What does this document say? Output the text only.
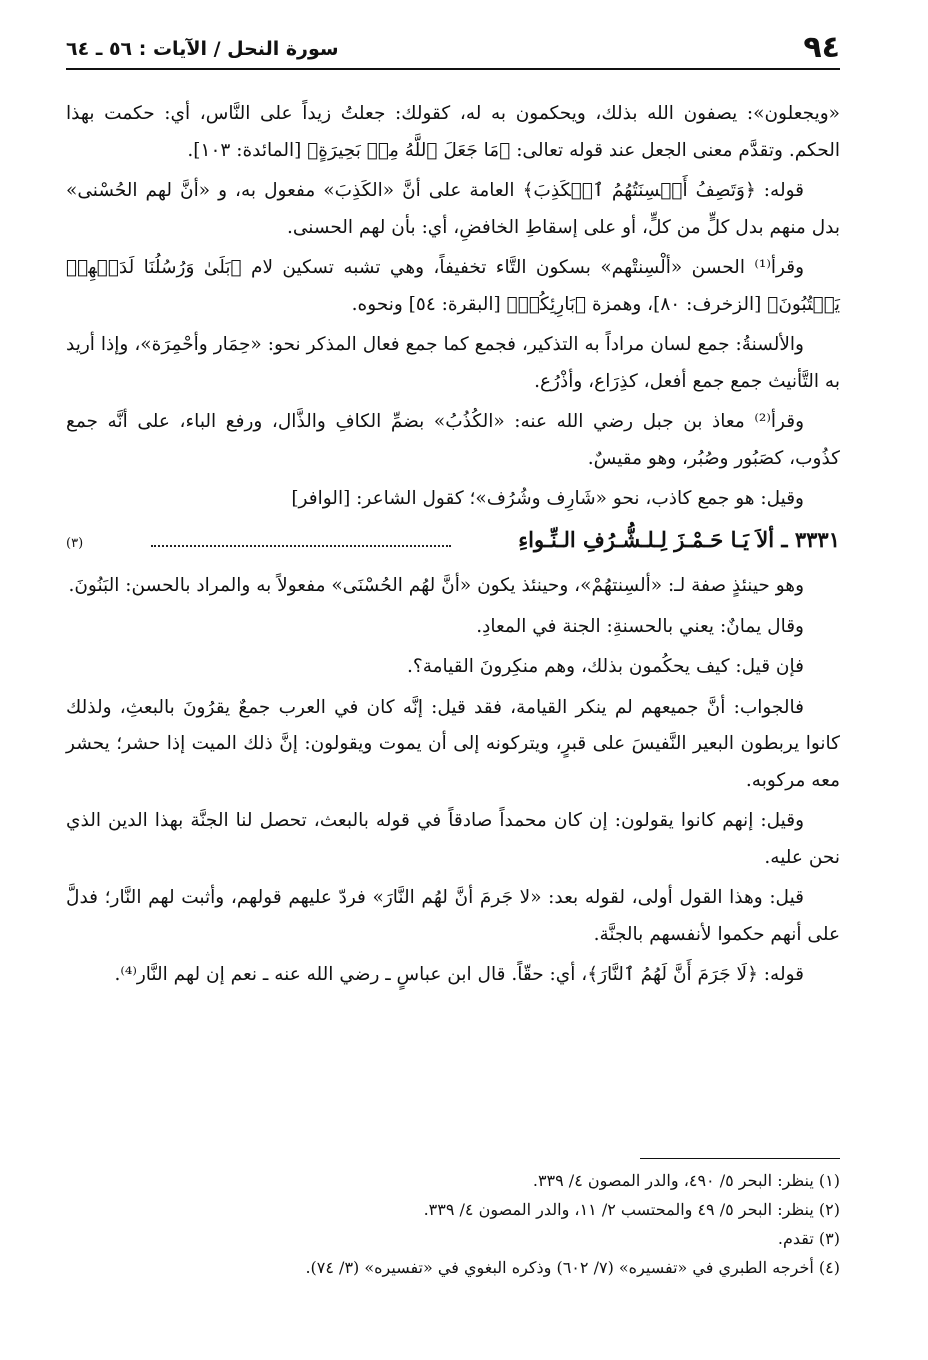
٩٤
سورة النحل / الآيات : ٥٦ ـ ٦٤

«ويجعلون»: يصفون الله بذلك، ويحكمون به له، كقولك: جعلتُ زيداً على النَّاس، أي: حكمت بهذا الحكم. وتقدَّم معنى الجعل عند قوله تعالى: ﴿مَا جَعَلَ ٱللَّهُ مِنۢ بَحِيرَةٍ﴾ [المائدة: ١٠٣].

قوله: ﴿وَتَصِفُ أَلۡسِنَتُهُمُ ٱلۡكَذِبَ﴾ العامة على أنَّ «الكَذِبَ» مفعول به، و «أنَّ لهم الحُسْنى» بدل منهم بدل كلٍّ من كلٍّ، أو على إسقاطِ الخافضِ، أي: بأن لهم الحسنى.

وقرأ⁽¹⁾ الحسن «ألْسِنتْهم» بسكون التَّاء تخفيفاً، وهي تشبه تسكين لام ﴿بَلَىٰ وَرُسُلُنَا لَدَيۡهِمۡ يَكۡتُبُونَ﴾ [الزخرف: ٨٠]، وهمزة ﴿بَارِئِكُمۡ﴾ [البقرة: ٥٤] ونحوه.

والألسنةُ: جمع لسان مراداً به التذكير، فجمع كما جمع فعال المذكر نحو: «حِمَار وأحْمِرَة»، وإذا أريد به التَّأنيث جمع جمع أفعل، كذِرَاع، وأذْرُع.

وقرأ⁽²⁾ معاذ بن جبل رضي الله عنه: «الكُذُبُ» بضمِّ الكافِ والذَّال، ورفع الباء، على أنَّه جمع كذُوب، كصَبُور وصُبُر، وهو مقيسٌ.

وقيل: هو جمع كاذب، نحو «شَارِف وشُرُف»؛ كقول الشاعر: [الوافر]

٣٣٣١ ـ ألاَ يَـا حَـمْـزَ لِـلـشُّـرُفِ الـنِّـواءِ
(٣)

وهو حينئذٍ صفة لـ: «ألسِنتهُمْ»، وحينئذ يكون «أنَّ لهُم الحُسْنَى» مفعولاً به والمراد بالحسن: البَنُونَ.

وقال يمانٌ: يعني بالحسنةِ: الجنة في المعادِ.

فإن قيل: كيف يحكُمون بذلك، وهم منكِرونَ القيامة؟.

فالجواب: أنَّ جميعهم لم ينكر القيامة، فقد قيل: إنَّه كان في العرب جمعٌ يقرُونَ بالبعثِ، ولذلك كانوا يربطون البعير النَّفيسَ على قبرٍ، ويتركونه إلى أن يموت ويقولون: إنَّ ذلك الميت إذا حشر؛ يحشر معه مركوبه.

وقيل: إنهم كانوا يقولون: إن كان محمداً صادقاً في قوله بالبعث، تحصل لنا الجنَّة بهذا الدين الذي نحن عليه.

قيل: وهذا القول أولى، لقوله بعد: «لا جَرمَ أنَّ لهُم النَّارَ» فردّ عليهم قولهم، وأثبت لهم النَّار؛ فدلَّ على أنهم حكموا لأنفسهم بالجنَّة.

قوله: ﴿لَا جَرَمَ أَنَّ لَهُمُ ٱلنَّارَ﴾، أي: حقّاً. قال ابن عباسٍ ـ رضي الله عنه ـ نعم إن لهم النَّار⁽⁴⁾.

(١) ينظر: البحر ٥/ ٤٩٠، والدر المصون ٤/ ٣٣٩.
(٢) ينظر: البحر ٥/ ٤٩ والمحتسب ٢/ ١١، والدر المصون ٤/ ٣٣٩.
(٣) تقدم.
(٤) أخرجه الطبري في «تفسيره» (٧/ ٦٠٢) وذكره البغوي في «تفسيره» (٣/ ٧٤).
